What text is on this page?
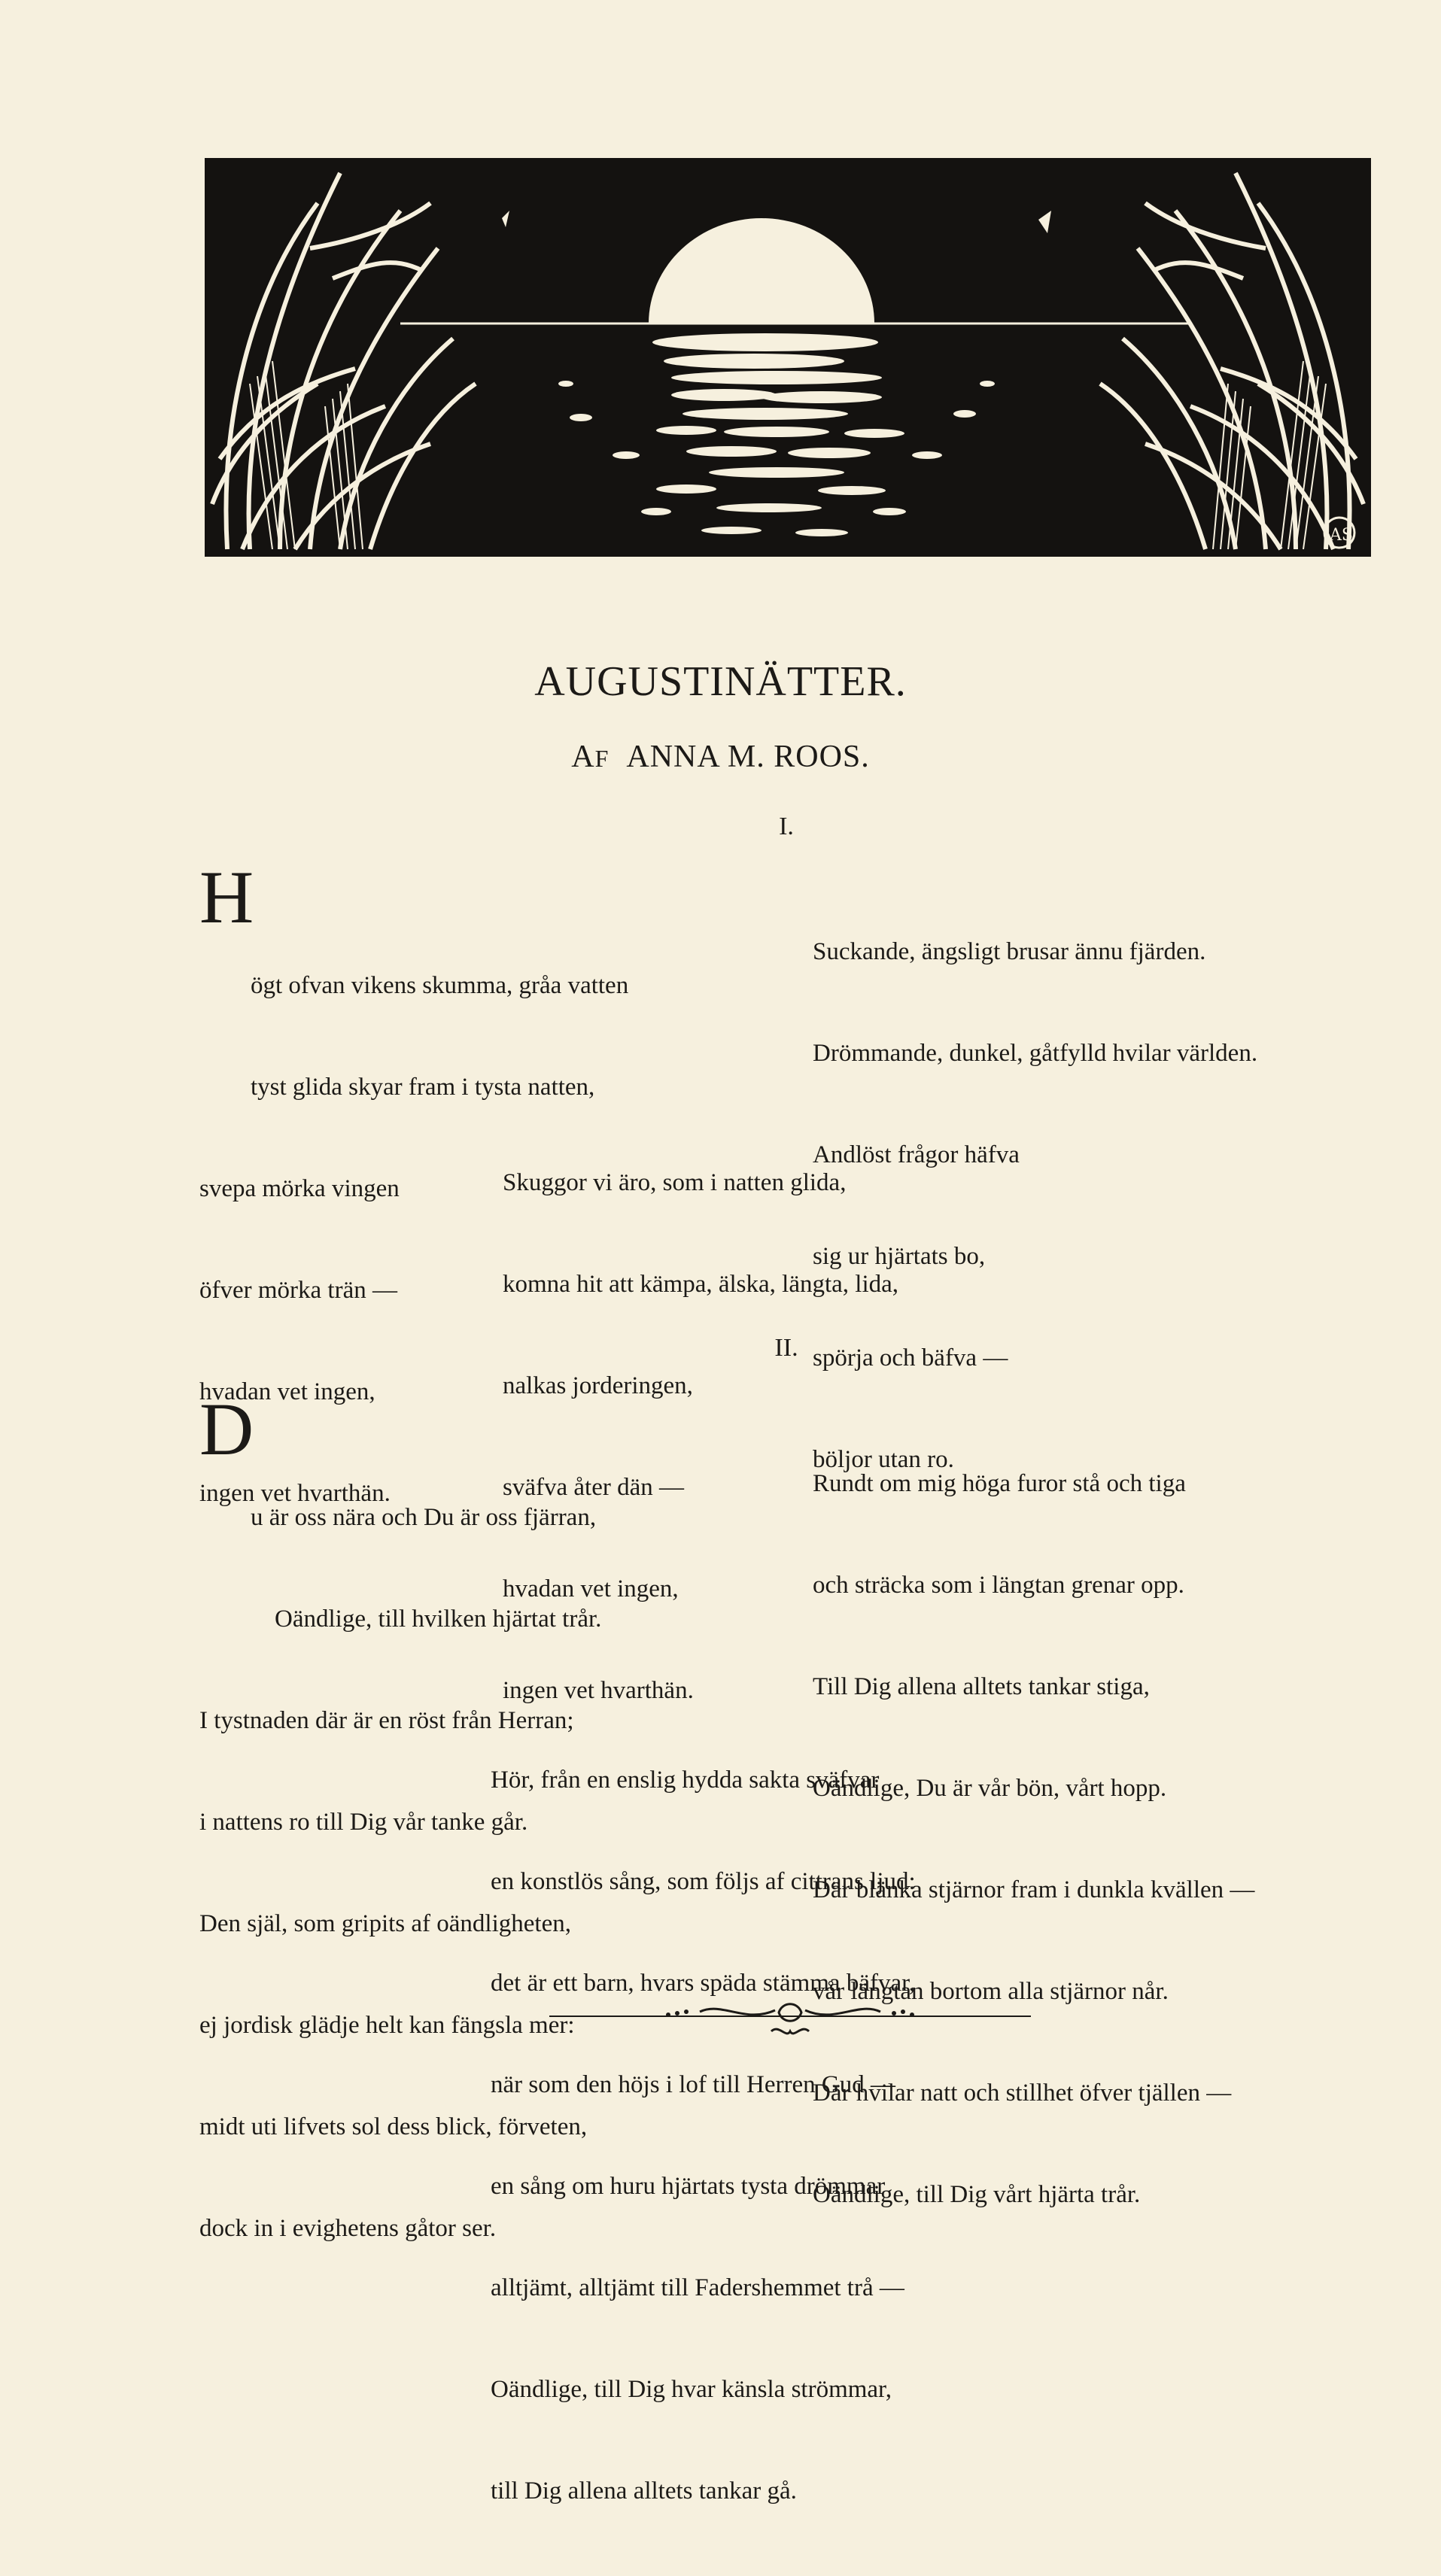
AS
AUGUSTINÄTTER.
AF ANNA M. ROOS.
I.

H

ögt ofvan vikens skumma, gråa vatten

tyst glida skyar fram i tysta natten,

svepa mörka vingen

öfver mörka trän —

hvadan vet ingen,

ingen vet hvarthän.

Suckande, ängsligt brusar ännu fjärden.

Drömmande, dunkel, gåtfylld hvilar världen.

Andlöst frågor häfva

sig ur hjärtats bo,

spörja och bäfva —

böljor utan ro.

Skuggor vi äro, som i natten glida,

komna hit att kämpa, älska, längta, lida,

nalkas jorderingen,

sväfva åter dän —

hvadan vet ingen,

ingen vet hvarthän.

II.

D

u är oss nära och Du är oss fjärran,

Oändlige, till hvilken hjärtat trår.

I tystnaden där är en röst från Herran;

i nattens ro till Dig vår tanke går.

Den själ, som gripits af oändligheten,

ej jordisk glädje helt kan fängsla mer:

midt uti lifvets sol dess blick, förveten,

dock in i evighetens gåtor ser.

Rundt om mig höga furor stå och tiga

och sträcka som i längtan grenar opp.

Till Dig allena alltets tankar stiga,

Oändlige, Du är vår bön, vårt hopp.

Där blänka stjärnor fram i dunkla kvällen —

vår längtan bortom alla stjärnor når.

Där hvilar natt och stillhet öfver tjällen —

Oändlige, till Dig vårt hjärta trår.

Hör, från en enslig hydda sakta sväfvar

en konstlös sång, som följs af cittrans ljud:

det är ett barn, hvars späda stämma bäfvar,

när som den höjs i lof till Herren Gud —

en sång om huru hjärtats tysta drömmar

alltjämt, alltjämt till Fadershemmet trå —

Oändlige, till Dig hvar känsla strömmar,

till Dig allena alltets tankar gå.
